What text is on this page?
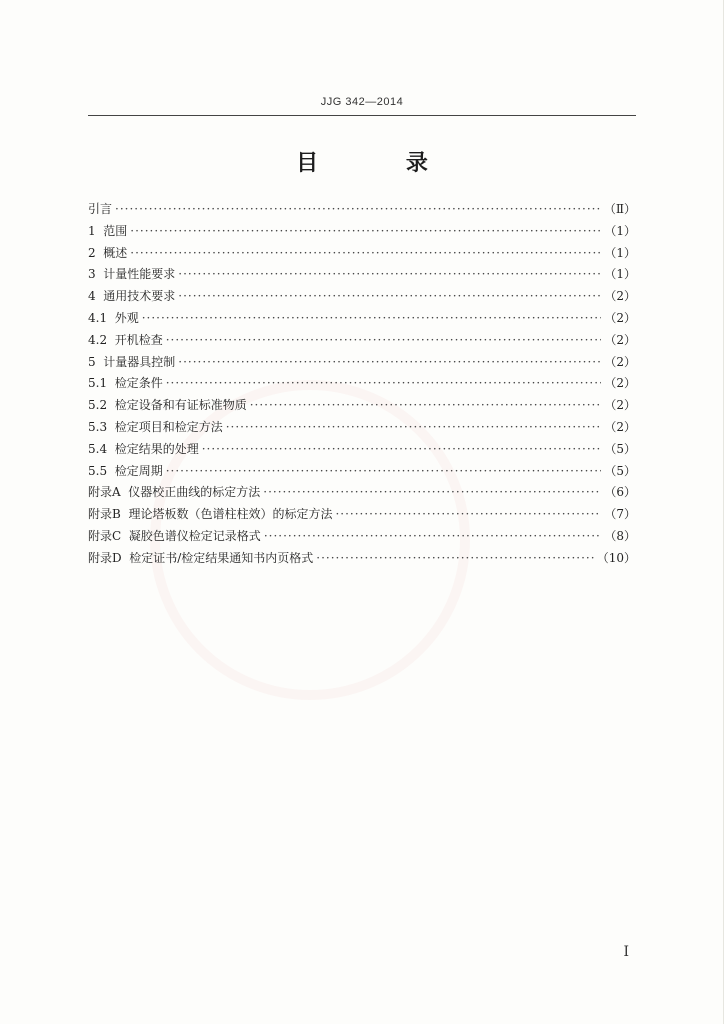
JJG 342—2014
目 录
引言 ·····	（Ⅱ）
1  范围 ·····	（1）
2  概述 ·····	（1）
3  计量性能要求 ·····	（1）
4  通用技术要求 ·····	（2）
4.1  外观 ·····	（2）
4.2  开机检查 ·····	（2）
5  计量器具控制 ·····	（2）
5.1  检定条件 ·····	（2）
5.2  检定设备和有证标准物质 ·····	（2）
5.3  检定项目和检定方法 ·····	（2）
5.4  检定结果的处理 ·····	（5）
5.5  检定周期 ·····	（5）
附录A  仪器校正曲线的标定方法 ·····	（6）
附录B  理论塔板数（色谱柱柱效）的标定方法 ·····	（7）
附录C  凝胶色谱仪检定记录格式 ·····	（8）
附录D  检定证书/检定结果通知书内页格式 ·····	（10）
I
